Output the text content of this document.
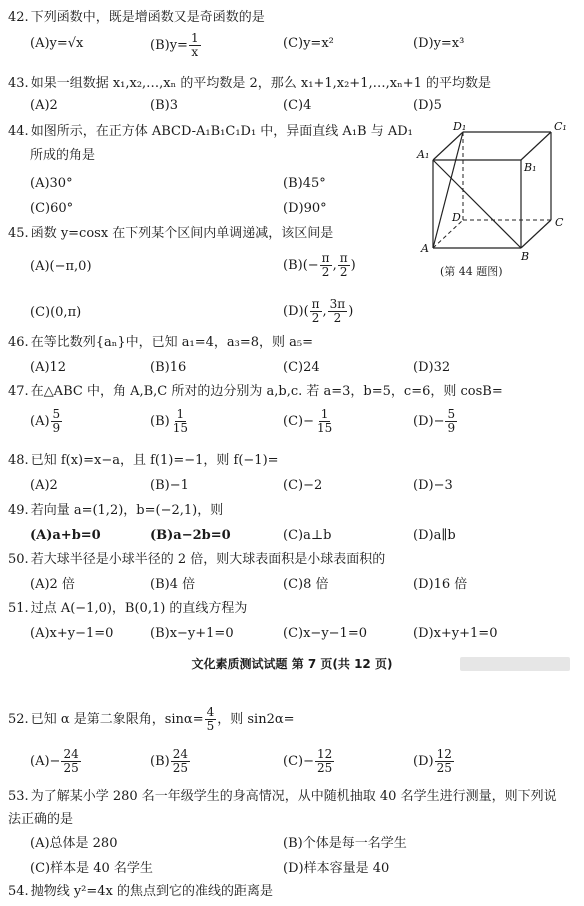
42. 下列函数中，既是增函数又是奇函数的是
(A)y=√x	$(B)y= \frac{1}{x}$	(C)y=x²	(D)y=x³
43. 如果一组数据 x₁,x₂,…,xₙ 的平均数是 2，那么 x₁+1,x₂+1,…,xₙ+1 的平均数是
(A)2	(B)3	(C)4	(D)5
44. 如图所示，在正方体 ABCD-A₁B₁C₁D₁ 中，异面直线 A₁B 与 AD₁
所成的角是
(A)30°	(B)45°
(C)60°	(D)90°
D₁	C₁
A₁
B₁
D	C
A
B
(第 44 题图)
45. 函数 y=cosx 在下列某个区间内单调递减，该区间是
(A)(−π,0)	$(B)(- \frac{\pi}{2}$ , $\frac{\pi}{2}$ )
(C)(0,π)	$(D)( \frac{\pi}{2}$ , $\frac{3\pi}{2}$ )
46. 在等比数列{aₙ}中，已知 a₁=4，a₃=8，则 a₅=
(A)12	(B)16	(C)24	(D)32
47. 在△ABC 中，角 A,B,C 所对的边分别为 a,b,c. 若 a=3，b=5，c=6，则 cosB=
$(A) \frac{5}{9}$	$(B) \frac{1}{15}$	$(C)- \frac{1}{15}$	$(D)- \frac{5}{9}$
48. 已知 f(x)=x−a，且 f(1)=−1，则 f(−1)=
(A)2	(B)−1	(C)−2	(D)−3
49. 若向量 a=(1,2)，b=(−2,1)，则
(A)a+b=0	(B)a−2b=0	(C)a⊥b	(D)a∥b
50. 若大球半径是小球半径的 2 倍，则大球表面积是小球表面积的
(A)2 倍	(B)4 倍	(C)8 倍	(D)16 倍
51. 过点 A(−1,0)，B(0,1) 的直线方程为
(A)x+y−1=0	(B)x−y+1=0	(C)x−y−1=0	(D)x+y+1=0
文化素质测试试题 第 7 页(共 12 页)
52. 已知 α 是第二象限角，$\sin\alpha= \frac{4}{5}$ ，则 sin2α=
$(A)- \frac{24}{25}$	$(B) \frac{24}{25}$	$(C)- \frac{12}{25}$	$(D) \frac{12}{25}$
53. 为了解某小学 280 名一年级学生的身高情况，从中随机抽取 40 名学生进行测量，则下列说
法正确的是
(A)总体是 280	(B)个体是每一名学生
(C)样本是 40 名学生	(D)样本容量是 40
54. 抛物线 y²=4x 的焦点到它的准线的距离是
